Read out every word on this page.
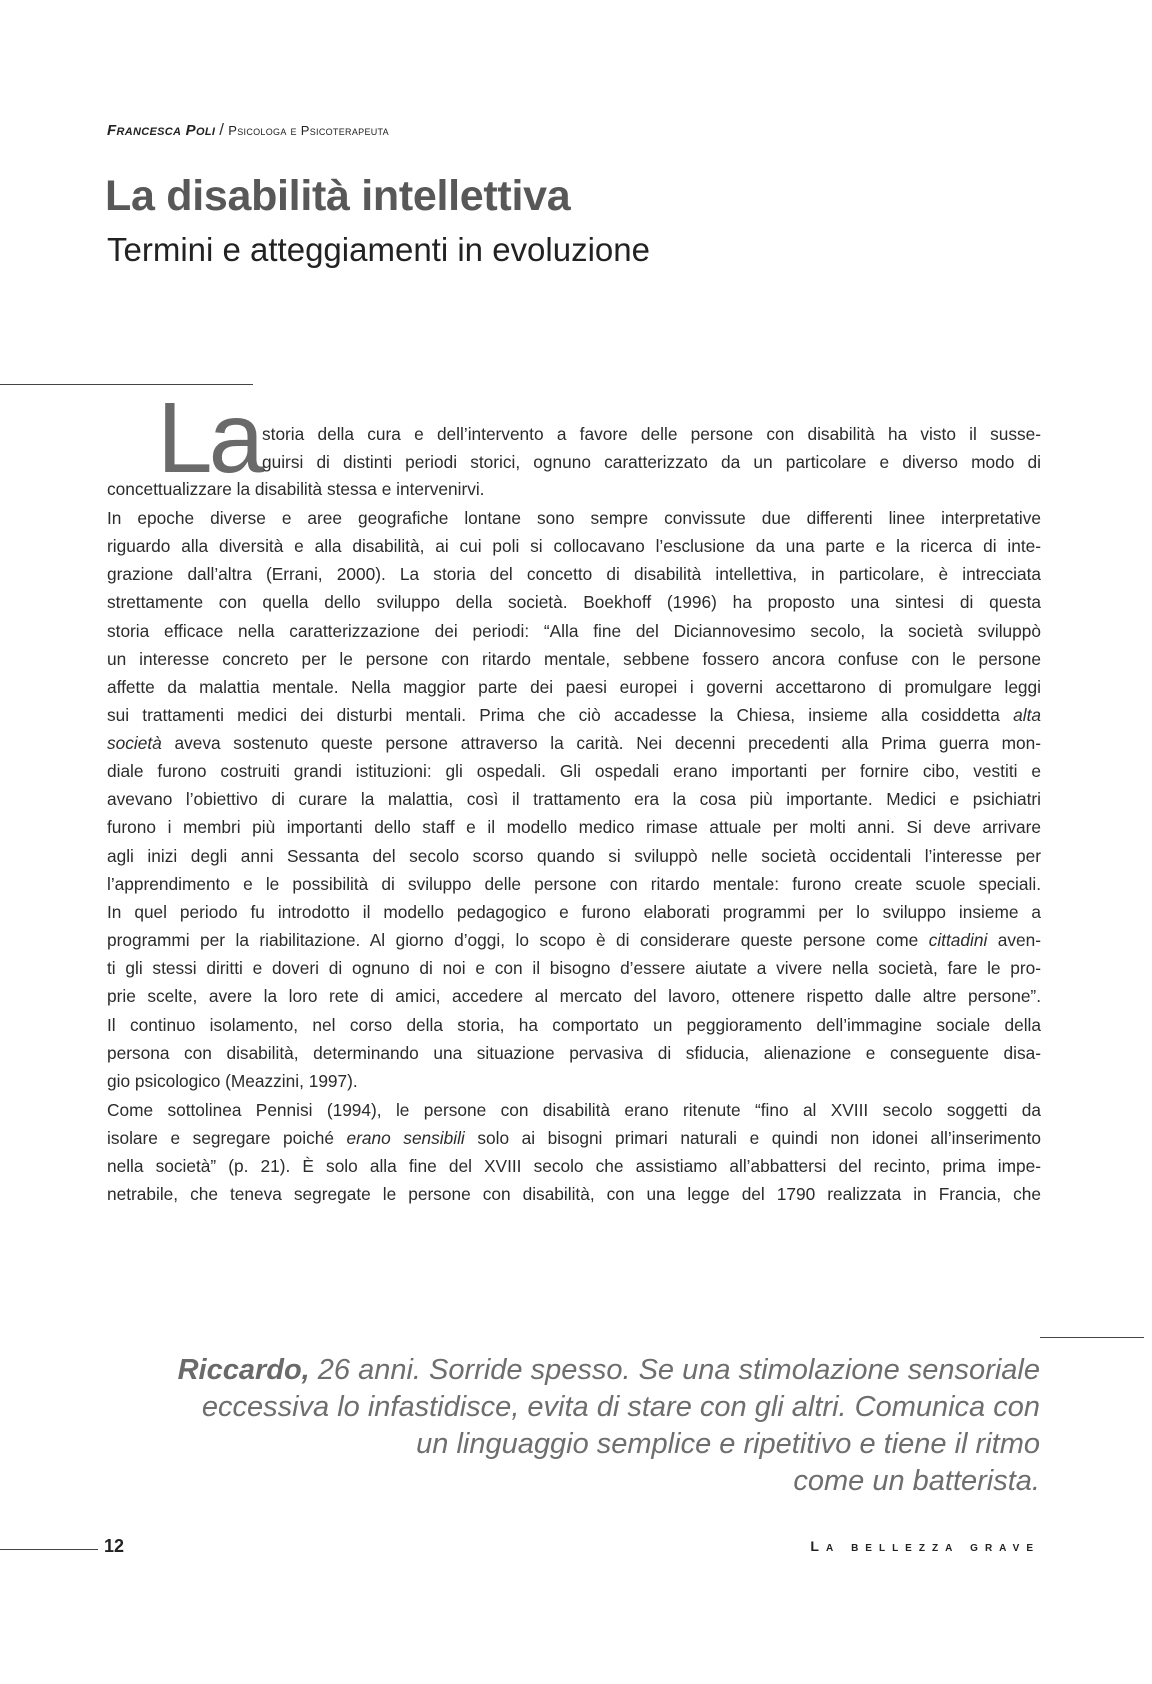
Francesca Poli / Psicologa e Psicoterapeuta
La disabilità intellettiva
Termini e atteggiamenti in evoluzione
La storia della cura e dell’intervento a favore delle persone con disabilità ha visto il susse-
guirsi di distinti periodi storici, ognuno caratterizzato da un particolare e diverso modo di
concettualizzare la disabilità stessa e intervenirvi.
In epoche diverse e aree geografiche lontane sono sempre convissute due differenti linee interpretative
riguardo alla diversità e alla disabilità, ai cui poli si collocavano l’esclusione da una parte e la ricerca di inte-
grazione dall’altra (Errani, 2000). La storia del concetto di disabilità intellettiva, in particolare, è intrecciata
strettamente con quella dello sviluppo della società. Boekhoff (1996) ha proposto una sintesi di questa
storia efficace nella caratterizzazione dei periodi: “Alla fine del Diciannovesimo secolo, la società sviluppò
un interesse concreto per le persone con ritardo mentale, sebbene fossero ancora confuse con le persone
affette da malattia mentale. Nella maggior parte dei paesi europei i governi accettarono di promulgare leggi
sui trattamenti medici dei disturbi mentali. Prima che ciò accadesse la Chiesa, insieme alla cosiddetta alta
società aveva sostenuto queste persone attraverso la carità. Nei decenni precedenti alla Prima guerra mon-
diale furono costruiti grandi istituzioni: gli ospedali. Gli ospedali erano importanti per fornire cibo, vestiti e
avevano l’obiettivo di curare la malattia, così il trattamento era la cosa più importante. Medici e psichiatri
furono i membri più importanti dello staff e il modello medico rimase attuale per molti anni. Si deve arrivare
agli inizi degli anni Sessanta del secolo scorso quando si sviluppò nelle società occidentali l’interesse per
l’apprendimento e le possibilità di sviluppo delle persone con ritardo mentale: furono create scuole speciali.
In quel periodo fu introdotto il modello pedagogico e furono elaborati programmi per lo sviluppo insieme a
programmi per la riabilitazione. Al giorno d’oggi, lo scopo è di considerare queste persone come cittadini aven-
ti gli stessi diritti e doveri di ognuno di noi e con il bisogno d’essere aiutate a vivere nella società, fare le pro-
prie scelte, avere la loro rete di amici, accedere al mercato del lavoro, ottenere rispetto dalle altre persone”.
Il continuo isolamento, nel corso della storia, ha comportato un peggioramento dell’immagine sociale della
persona con disabilità, determinando una situazione pervasiva di sfiducia, alienazione e conseguente disa-
gio psicologico (Meazzini, 1997).
Come sottolinea Pennisi (1994), le persone con disabilità erano ritenute “fino al XVIII secolo soggetti da
isolare e segregare poiché erano sensibili solo ai bisogni primari naturali e quindi non idonei all’inserimento
nella società” (p. 21). È solo alla fine del XVIII secolo che assistiamo all’abbattersi del recinto, prima impe-
netrabile, che teneva segregate le persone con disabilità, con una legge del 1790 realizzata in Francia, che
Riccardo, 26 anni. Sorride spesso. Se una stimolazione sensoriale
eccessiva lo infastidisce, evita di stare con gli altri. Comunica con
un linguaggio semplice e ripetitivo e tiene il ritmo
come un batterista.
12	La bellezza grave
